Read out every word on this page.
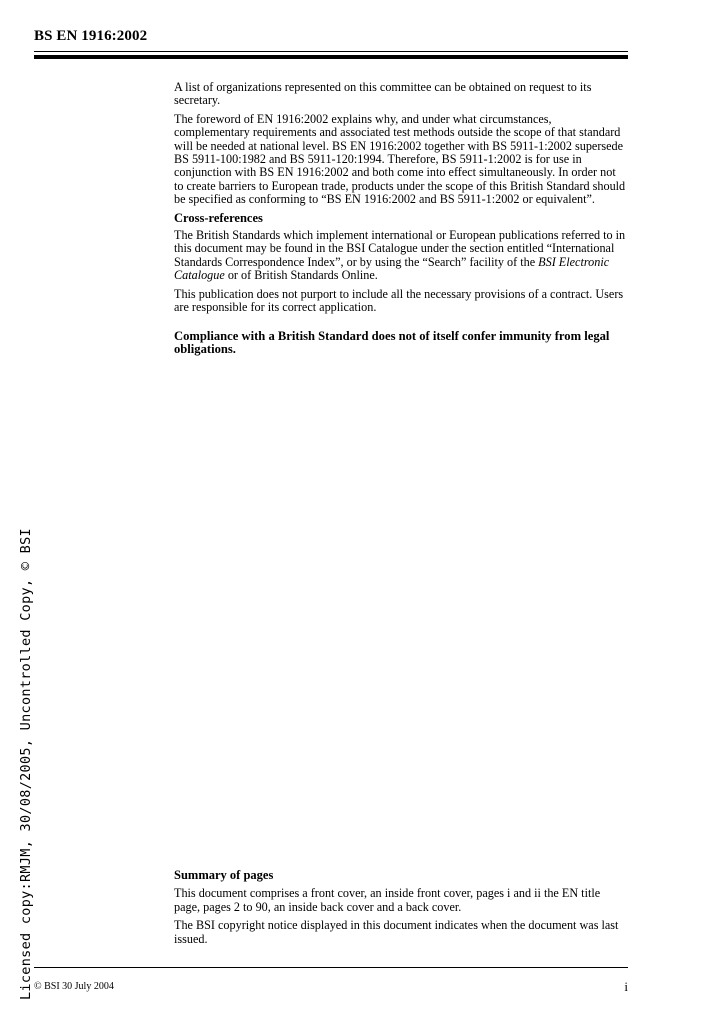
BS EN 1916:2002

A list of organizations represented on this committee can be obtained on request to its secretary.

The foreword of EN 1916:2002 explains why, and under what circumstances, complementary requirements and associated test methods outside the scope of that standard will be needed at national level. BS EN 1916:2002 together with BS 5911-1:2002 supersede BS 5911-100:1982 and BS 5911-120:1994. Therefore, BS 5911-1:2002 is for use in conjunction with BS EN 1916:2002 and both come into effect simultaneously. In order not to create barriers to European trade, products under the scope of this British Standard should be specified as conforming to “BS EN 1916:2002 and BS 5911-1:2002 or equivalent”.

Cross-references

The British Standards which implement international or European publications referred to in this document may be found in the BSI Catalogue under the section entitled “International Standards Correspondence Index”, or by using the “Search” facility of the BSI Electronic Catalogue or of British Standards Online.

This publication does not purport to include all the necessary provisions of a contract. Users are responsible for its correct application.

Compliance with a British Standard does not of itself confer immunity from legal obligations.

Summary of pages

This document comprises a front cover, an inside front cover, pages i and ii the EN title page, pages 2 to 90, an inside back cover and a back cover.

The BSI copyright notice displayed in this document indicates when the document was last issued.

© BSI 30 July 2004	i
Licensed copy:RMJM, 30/08/2005, Uncontrolled Copy, © BSI
